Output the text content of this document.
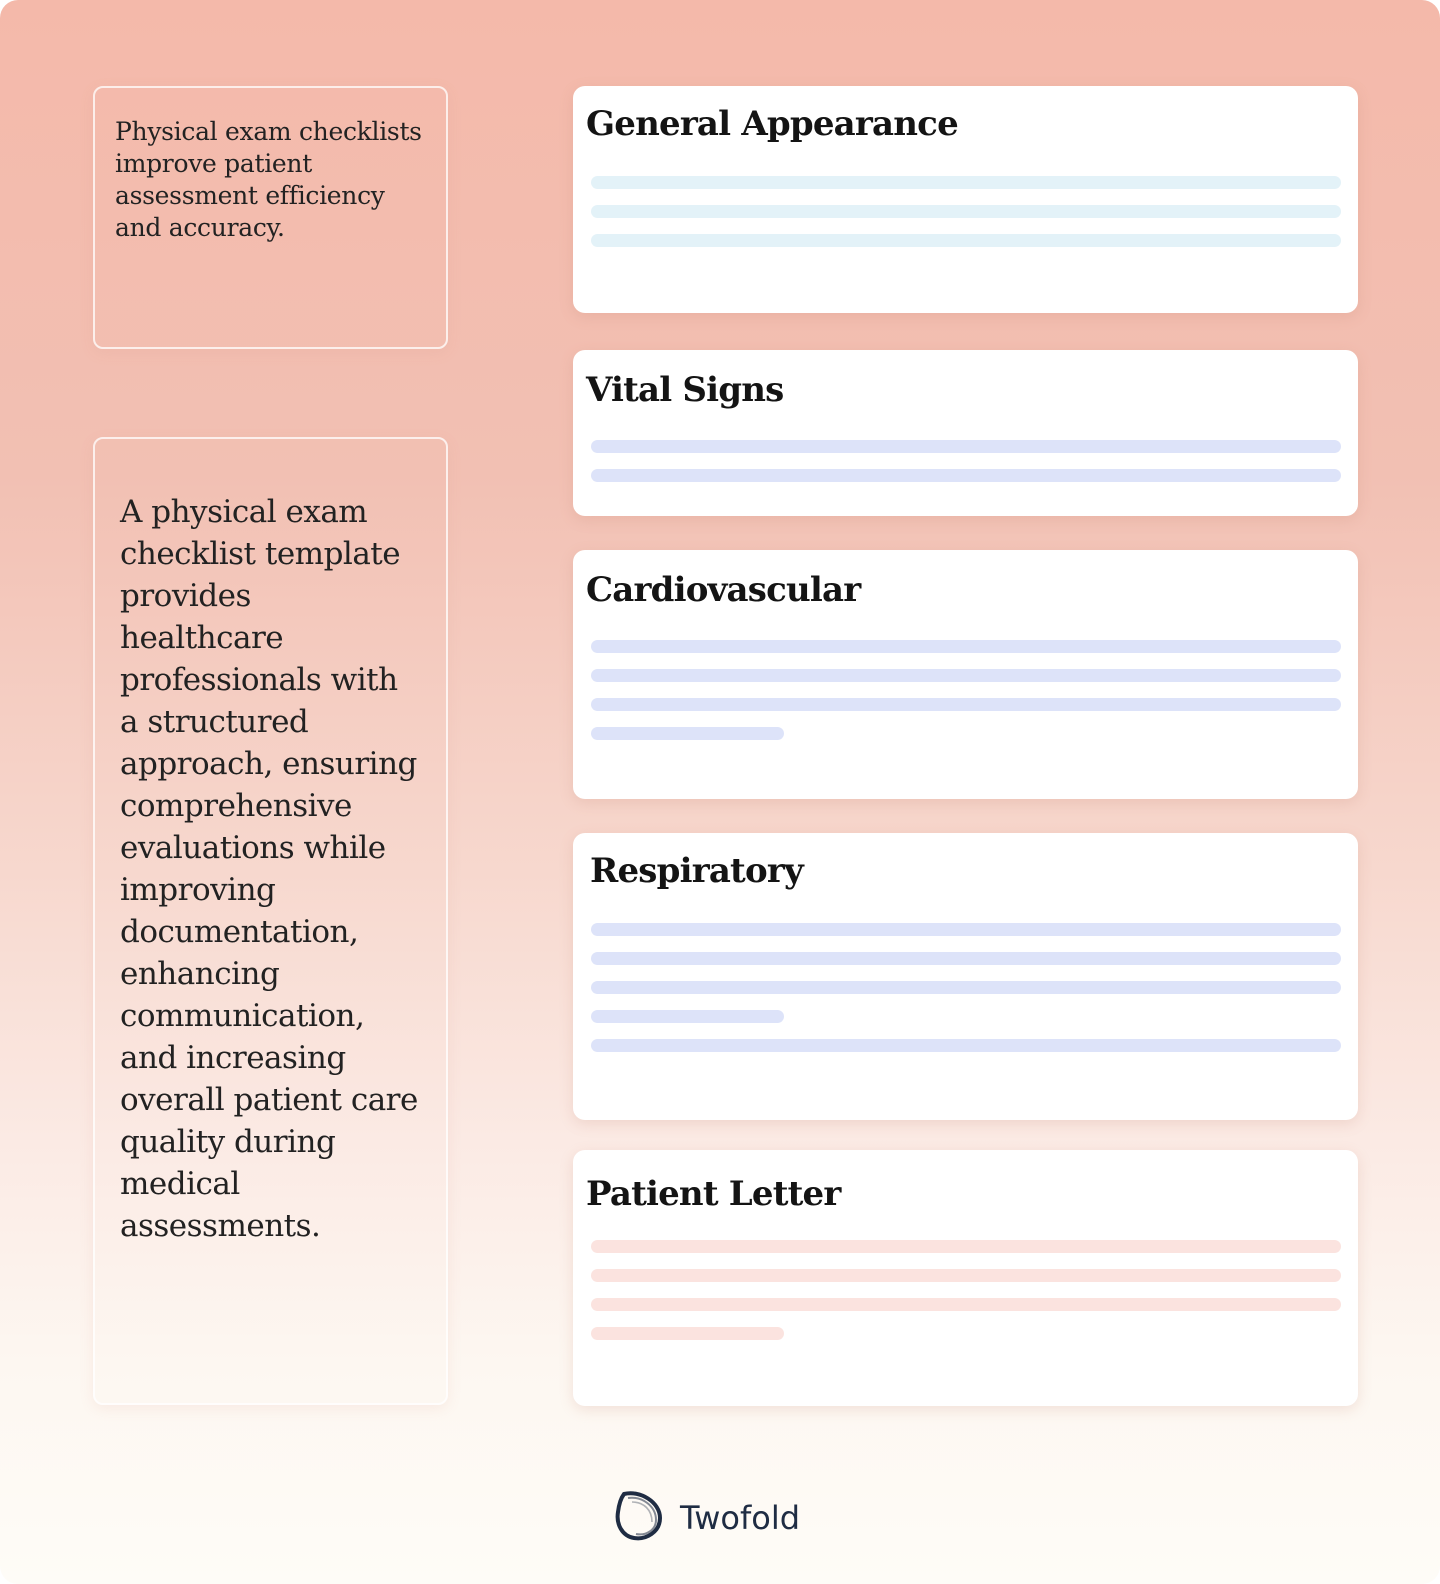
Physical exam checklists improve patient assessment efficiency and accuracy.
A physical exam checklist template provides healthcare professionals with a structured approach, ensuring comprehensive evaluations while improving documentation, enhancing communication, and increasing overall patient care quality during medical assessments.
General Appearance
Vital Signs
Cardiovascular
Respiratory
Patient Letter
Twofold
